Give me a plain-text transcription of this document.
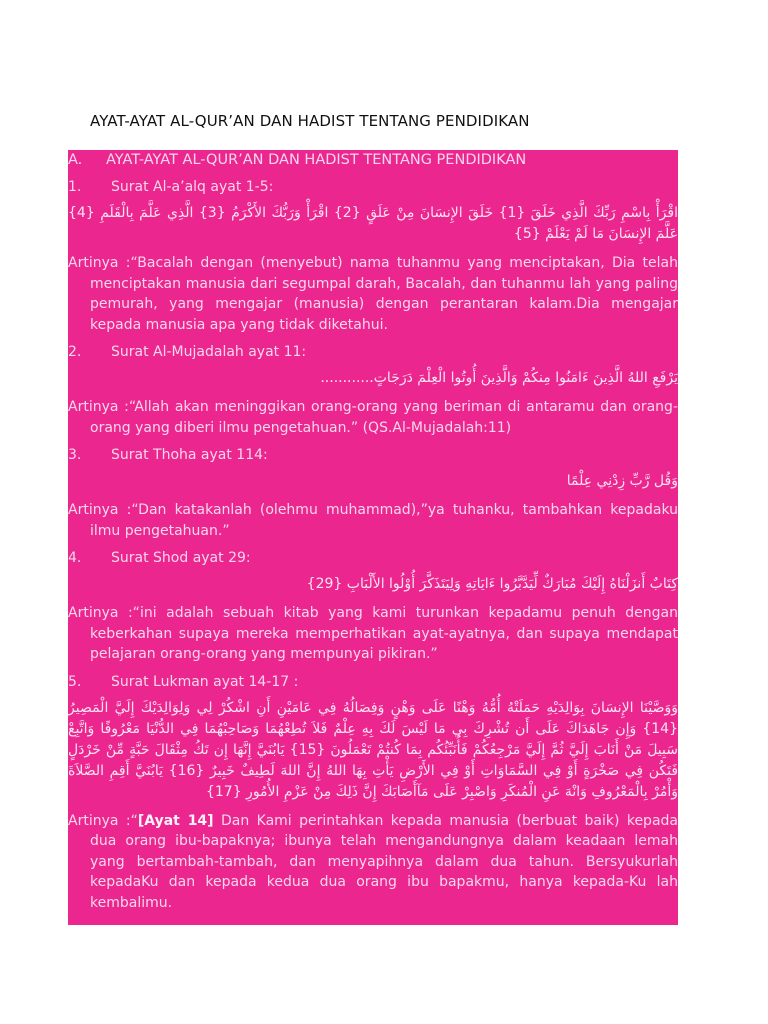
AYAT-AYAT AL-QUR’AN DAN HADIST TENTANG PENDIDIKAN
A. AYAT-AYAT AL-QUR’AN DAN HADIST TENTANG PENDIDIKAN
1. Surat Al-a’alq ayat 1-5:
اقْرَأْ بِاسْمِ رَبِّكَ الَّذِي خَلَقَ {1} خَلَقَ الإِنسَانَ مِنْ عَلَقٍ {2} اقْرَأْ وَرَبُّكَ الأَكْرَمُ {3} الَّذِي عَلَّمَ بِالْقَلَمِ {4} عَلَّمَ الإِنسَانَ مَا لَمْ يَعْلَمْ {5}
Artinya :“Bacalah dengan (menyebut) nama tuhanmu yang menciptakan, Dia telah menciptakan manusia dari segumpal darah, Bacalah, dan tuhanmu lah yang paling pemurah, yang mengajar (manusia) dengan perantaran kalam.Dia mengajar kepada manusia apa yang tidak diketahui.
2. Surat Al-Mujadalah ayat 11:
يَرْفَعِ اللهُ الَّذِينَ ءَامَنُوا مِنكُمْ وَالَّذِينَ أُوتُوا الْعِلْمَ دَرَجَاتٍ............
Artinya :“Allah akan meninggikan orang-orang yang beriman di antaramu dan orang-orang yang diberi ilmu pengetahuan.” (QS.Al-Mujadalah:11)
3. Surat Thoha ayat 114:
وَقُل رَّبِّ زِدْنِي عِلْمًا
Artinya :“Dan katakanlah (olehmu muhammad),”ya tuhanku, tambahkan kepadaku ilmu pengetahuan.”
4. Surat Shod ayat 29:
كِتَابٌ أَنزَلْنَاهُ إِلَيْكَ مُبَارَكٌ لِّيَدَّبَّرُوا ءَايَاتِهِ وَلِيَتَذَكَّرَ أُوْلُوا الأَلْبَابِ {29}
Artinya :“ini adalah sebuah kitab yang kami turunkan kepadamu penuh dengan keberkahan supaya mereka memperhatikan ayat-ayatnya, dan supaya mendapat pelajaran orang-orang yang mempunyai pikiran.”
5. Surat Lukman ayat 14-17 :
وَوَصَّيْنَا الإِنسَانَ بِوَالِدَيْهِ حَمَلَتْهُ أُمُّهُ وَهْنًا عَلَى وَهْنٍ وَفِصَالُهُ فِي عَامَيْنِ أَنِ اشْكُرْ لِي وَلِوَالِدَيْكَ إِلَيَّ الْمَصِيرُ {14} وَإِن جَاهَدَاكَ عَلَى أَن تُشْرِكَ بِي مَا لَيْسَ لَكَ بِهِ عِلْمٌ فَلاَ تُطِعْهُمَا وَصَاحِبْهُمَا فِي الدُّنْيَا مَعْرُوفًا وَاتَّبِعْ سَبِيلَ مَنْ أَنَابَ إِلَيَّ ثُمَّ إِلَيَّ مَرْجِعُكُمْ فَأُنَبِّئُكُم بِمَا كُنتُمْ تَعْمَلُونَ {15} يَابُنَيَّ إِنَّهَا إِن تَكُ مِثْقَالَ حَبَّةٍ مِّنْ خَرْدَلٍ فَتَكُن فِي صَخْرَةٍ أَوْ فِي السَّمَاوَاتِ أَوْ فِي الأَرْضِ يَأْتِ بِهَا اللهُ إِنَّ اللهَ لَطِيفٌ خَبِيرٌ {16} يَابُنَيَّ أَقِمِ الصَّلاَةَ وَأْمُرْ بِالْمَعْرُوفِ وَانْهَ عَنِ الْمُنكَرِ وَاصْبِرْ عَلَى مَآأَصَابَكَ إِنَّ ذَلِكَ مِنْ عَزْمِ الأُمُورِ {17}
Artinya :“[Ayat 14] Dan Kami perintahkan kepada manusia (berbuat baik) kepada dua orang ibu-bapaknya; ibunya telah mengandungnya dalam keadaan lemah yang bertambah-tambah, dan menyapihnya dalam dua tahun. Bersyukurlah kepadaKu dan kepada kedua dua orang ibu bapakmu, hanya kepada-Ku lah kembalimu.
